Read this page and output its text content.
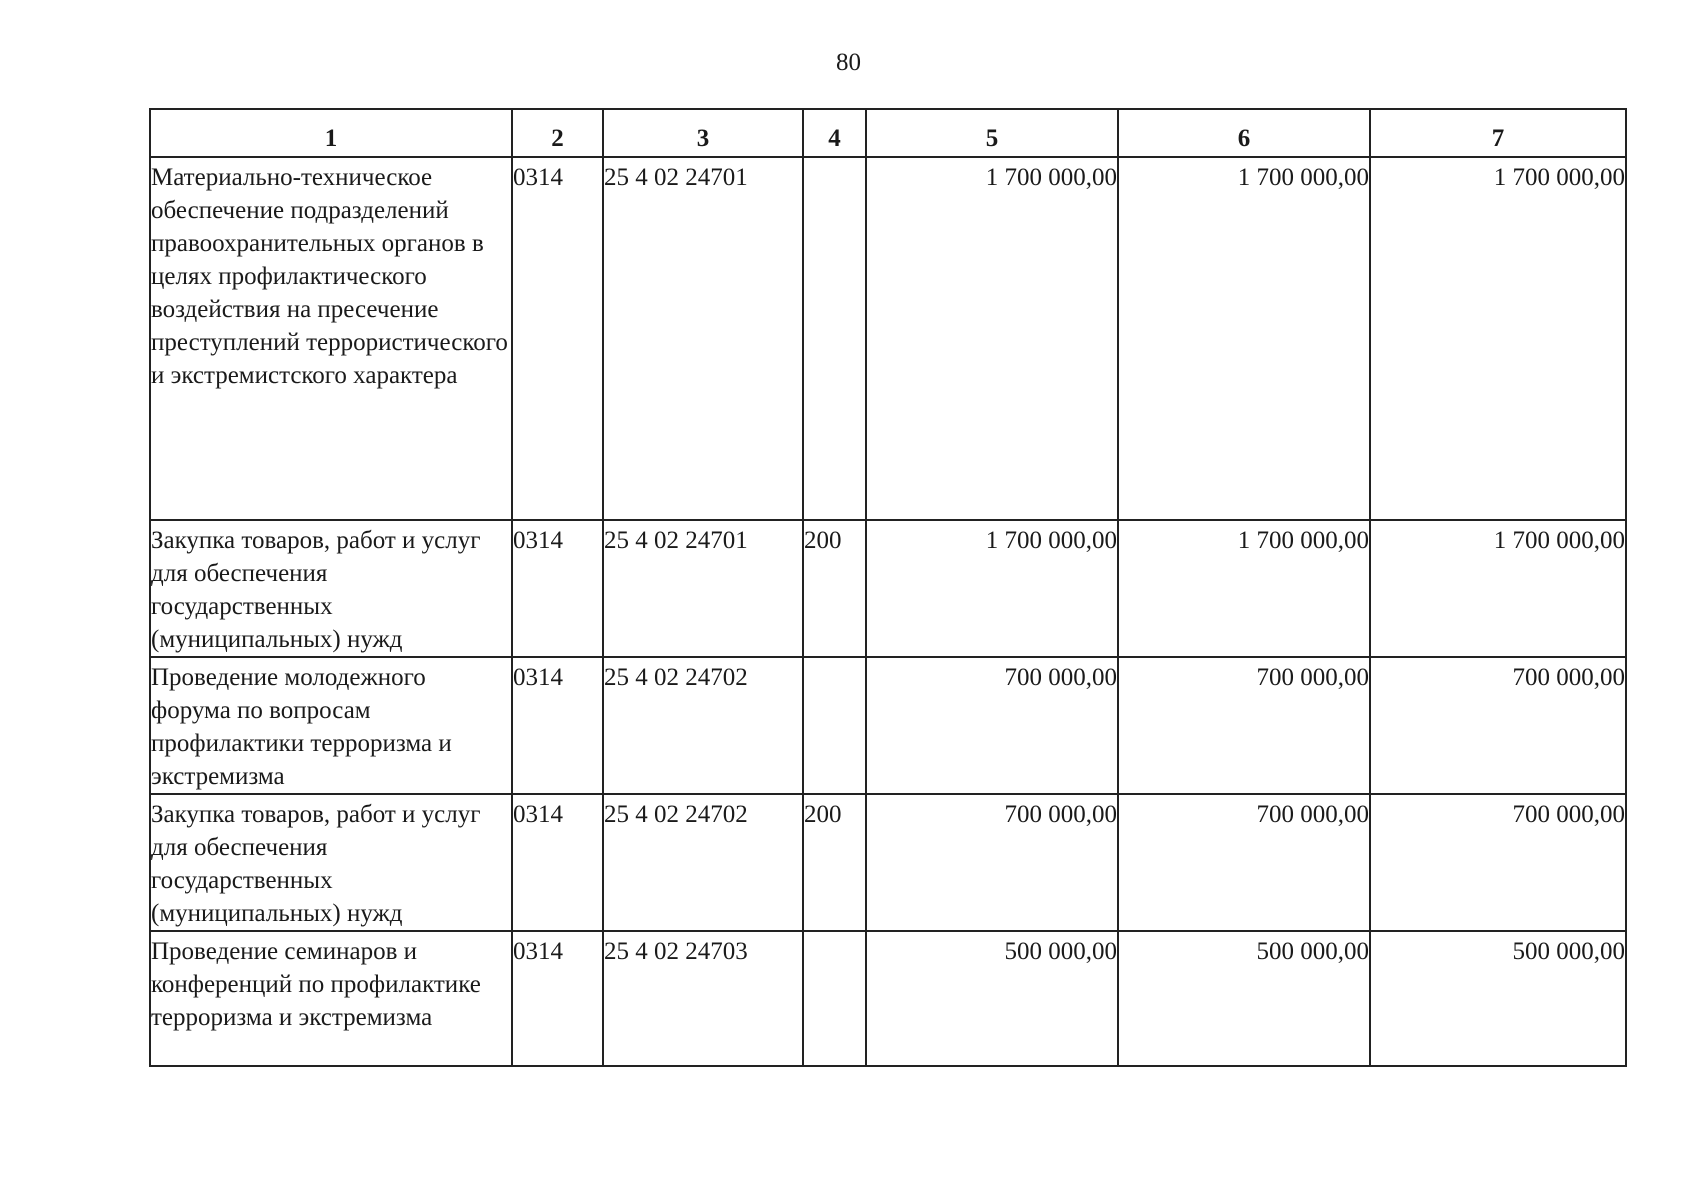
80
1	2	3	4	5	6	7
Материально-техническое обеспечение подразделений правоохранительных органов в целях профилактического воздействия на пресечение преступлений террористического и экстремистского характера	0314	25 4 02 24701		1 700 000,00	1 700 000,00	1 700 000,00
Закупка товаров, работ и услуг для обеспечения государственных (муниципальных) нужд	0314	25 4 02 24701	200	1 700 000,00	1 700 000,00	1 700 000,00
Проведение молодежного форума по вопросам профилактики терроризма и экстремизма	0314	25 4 02 24702		700 000,00	700 000,00	700 000,00
Закупка товаров, работ и услуг для обеспечения государственных (муниципальных) нужд	0314	25 4 02 24702	200	700 000,00	700 000,00	700 000,00
Проведение семинаров и конференций по профилактике терроризма и экстремизма	0314	25 4 02 24703		500 000,00	500 000,00	500 000,00
